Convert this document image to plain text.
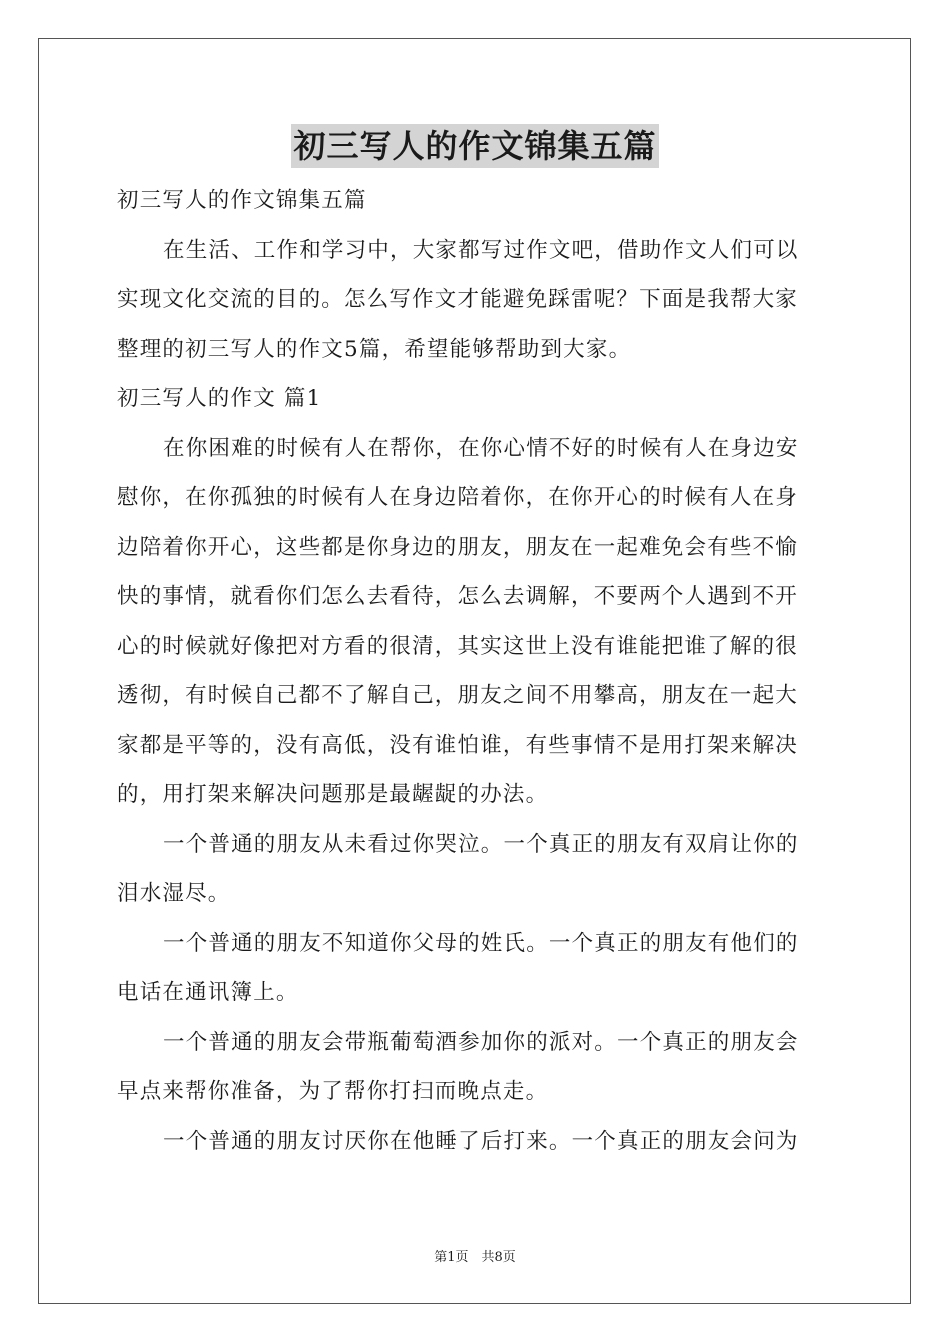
初三写人的作文锦集五篇

初三写人的作文锦集五篇

在生活、工作和学习中，大家都写过作文吧，借助作文人们可以

实现文化交流的目的。怎么写作文才能避免踩雷呢？下面是我帮大家

整理的初三写人的作文5篇，希望能够帮助到大家。

初三写人的作文 篇1

在你困难的时候有人在帮你，在你心情不好的时候有人在身边安

慰你，在你孤独的时候有人在身边陪着你，在你开心的时候有人在身

边陪着你开心，这些都是你身边的朋友，朋友在一起难免会有些不愉

快的事情，就看你们怎么去看待，怎么去调解，不要两个人遇到不开

心的时候就好像把对方看的很清，其实这世上没有谁能把谁了解的很

透彻，有时候自己都不了解自己，朋友之间不用攀高，朋友在一起大

家都是平等的，没有高低，没有谁怕谁，有些事情不是用打架来解决

的，用打架来解决问题那是最龌龊的办法。

一个普通的朋友从未看过你哭泣。一个真正的朋友有双肩让你的

泪水湿尽。

一个普通的朋友不知道你父母的姓氏。一个真正的朋友有他们的

电话在通讯簿上。

一个普通的朋友会带瓶葡萄酒参加你的派对。一个真正的朋友会

早点来帮你准备，为了帮你打扫而晚点走。

一个普通的朋友讨厌你在他睡了后打来。一个真正的朋友会问为

第1页　共8页
